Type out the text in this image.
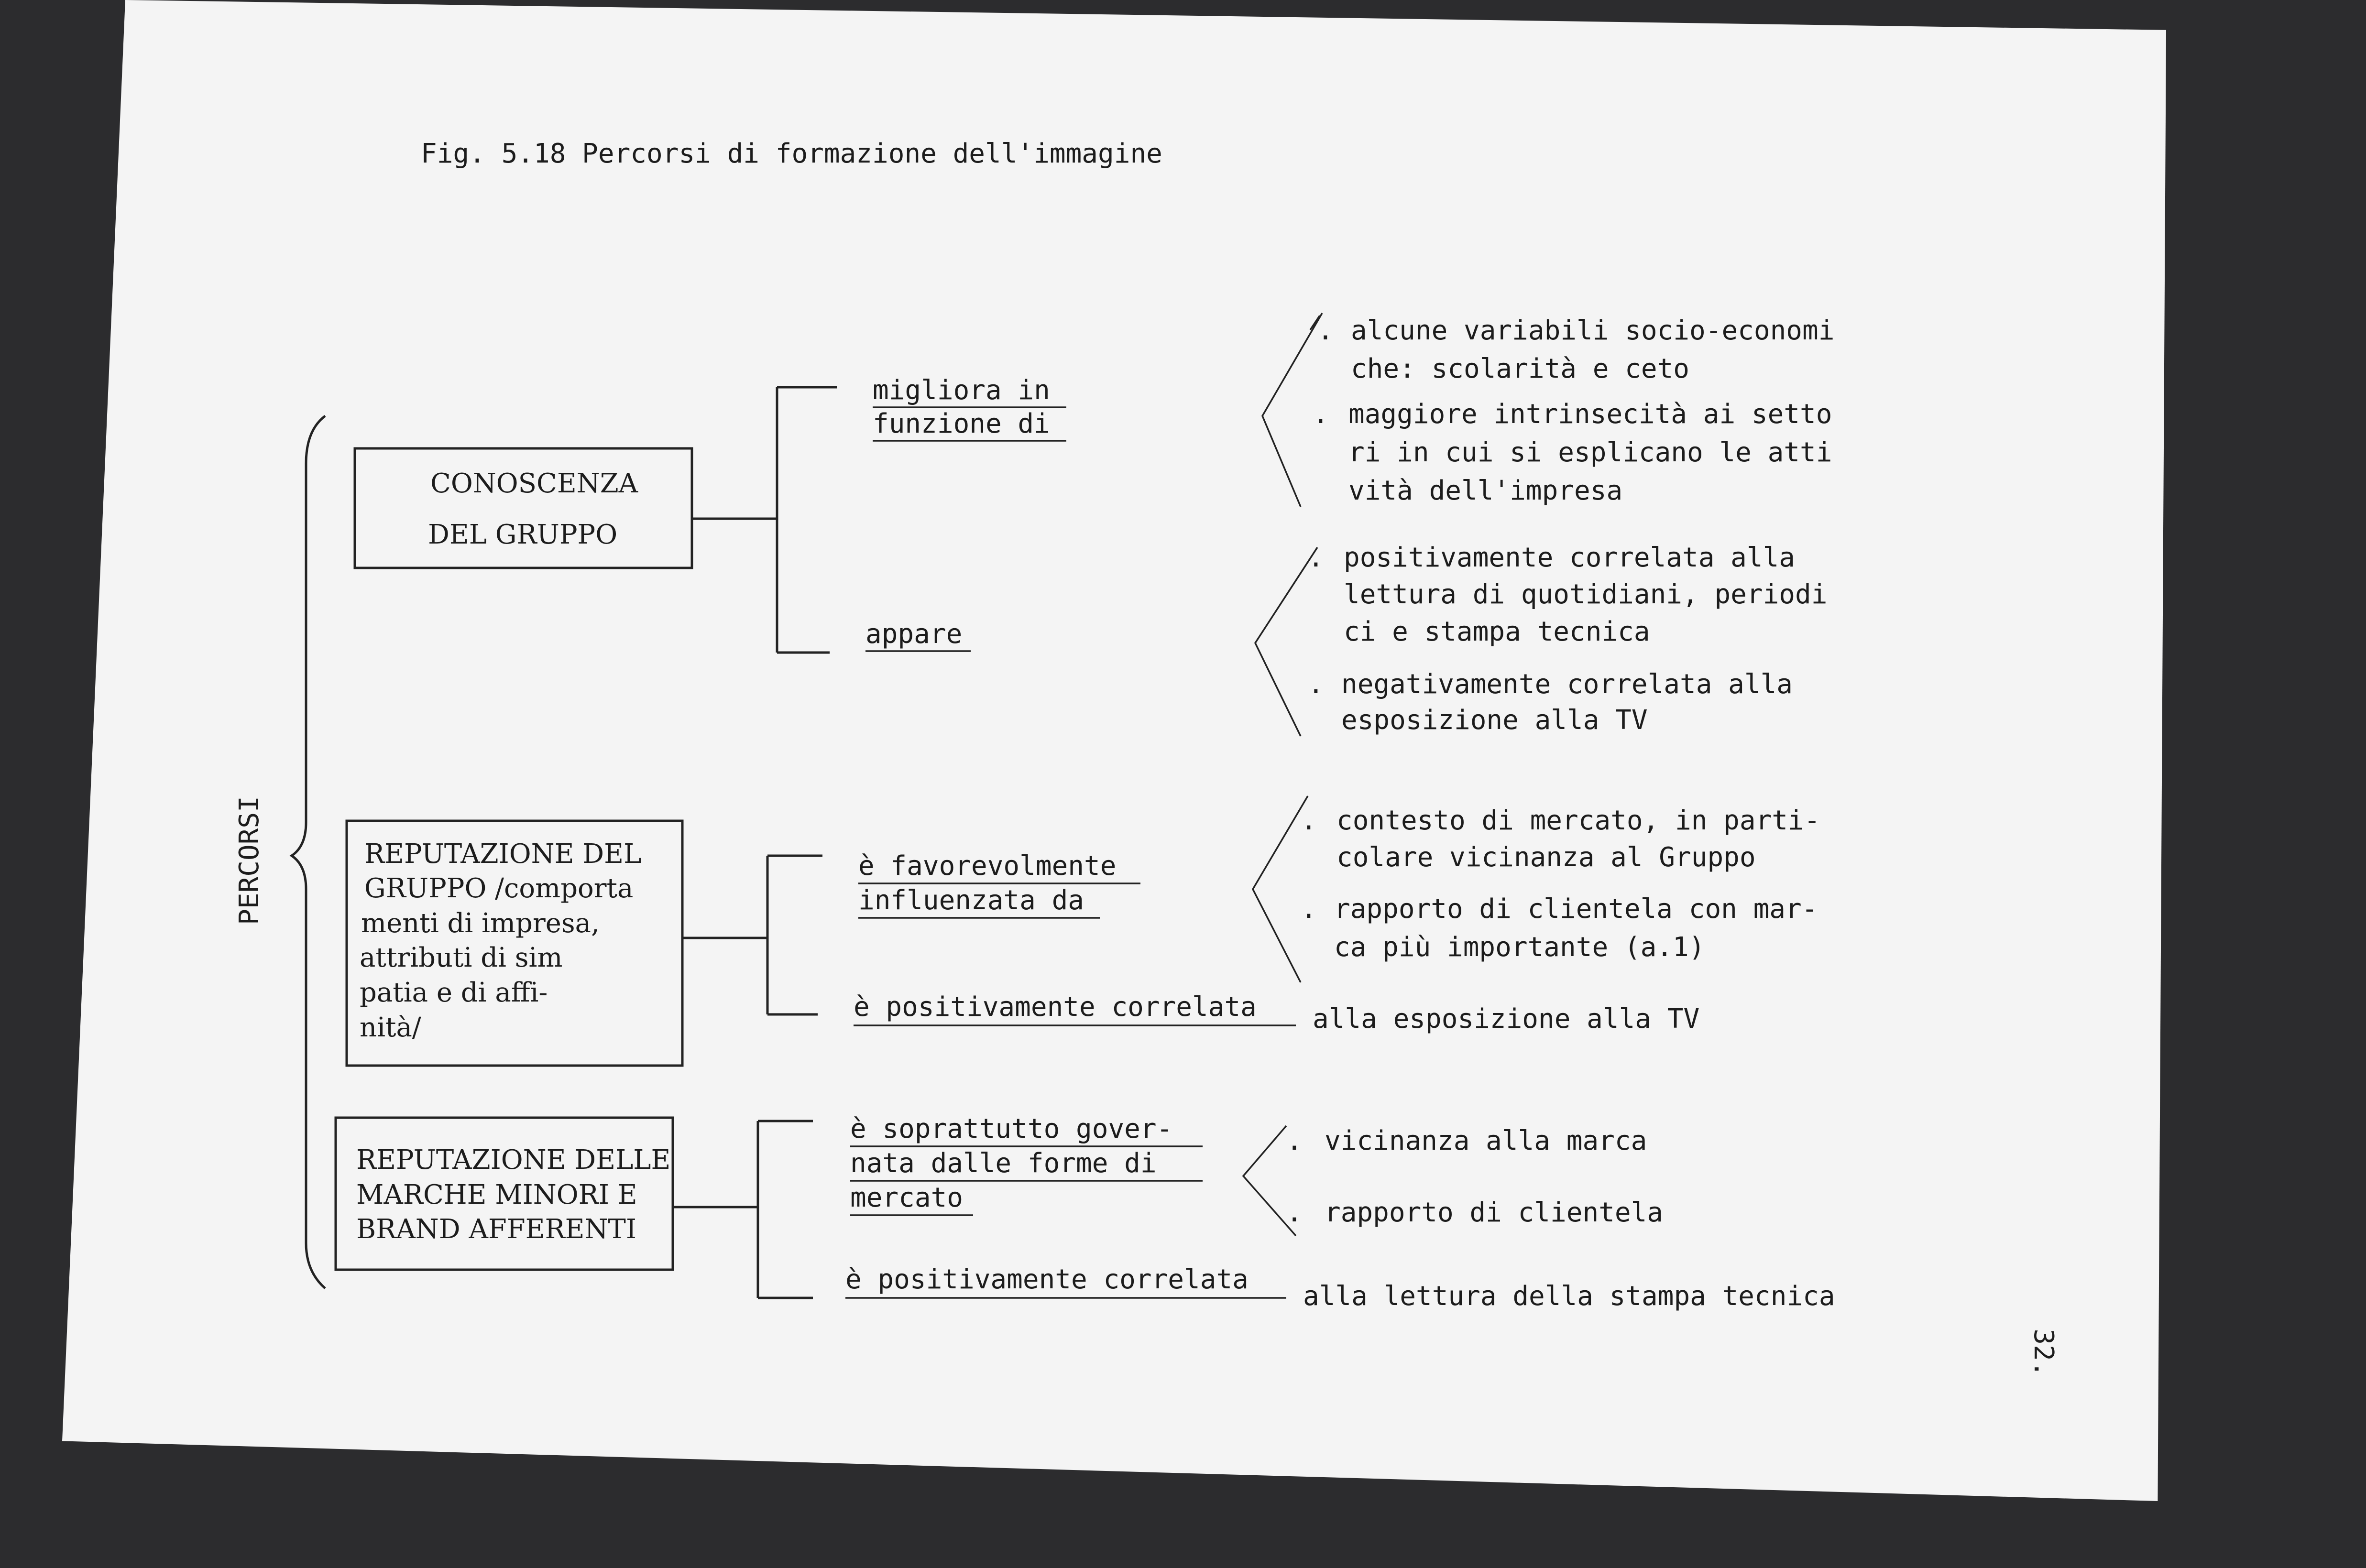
Fig. 5.18 Percorsi di formazione dell'immagine
PERCORSI
CONOSCENZA
DEL GRUPPO
REPUTAZIONE DEL
GRUPPO /comporta
menti di impresa,
attributi di sim
patia e di affi-
nità/
REPUTAZIONE DELLE
MARCHE MINORI E
BRAND AFFERENTI
migliora in
funzione di
appare
è favorevolmente
influenzata da
è positivamente correlata alla esposizione alla TV
è soprattutto gover-
nata dalle forme di
mercato
è positivamente correlata
alla lettura della stampa tecnica
. alcune variabili socio-economi
che: scolarità e ceto
. maggiore intrinsecità ai setto
ri in cui si esplicano le atti
vità dell'impresa
. positivamente correlata alla
lettura di quotidiani, periodi
ci e stampa tecnica
. negativamente correlata alla
esposizione alla TV
. contesto di mercato, in parti-
colare vicinanza al Gruppo
. rapporto di clientela con mar-
ca più importante (a.1)
. vicinanza alla marca
. rapporto di clientela
32.
